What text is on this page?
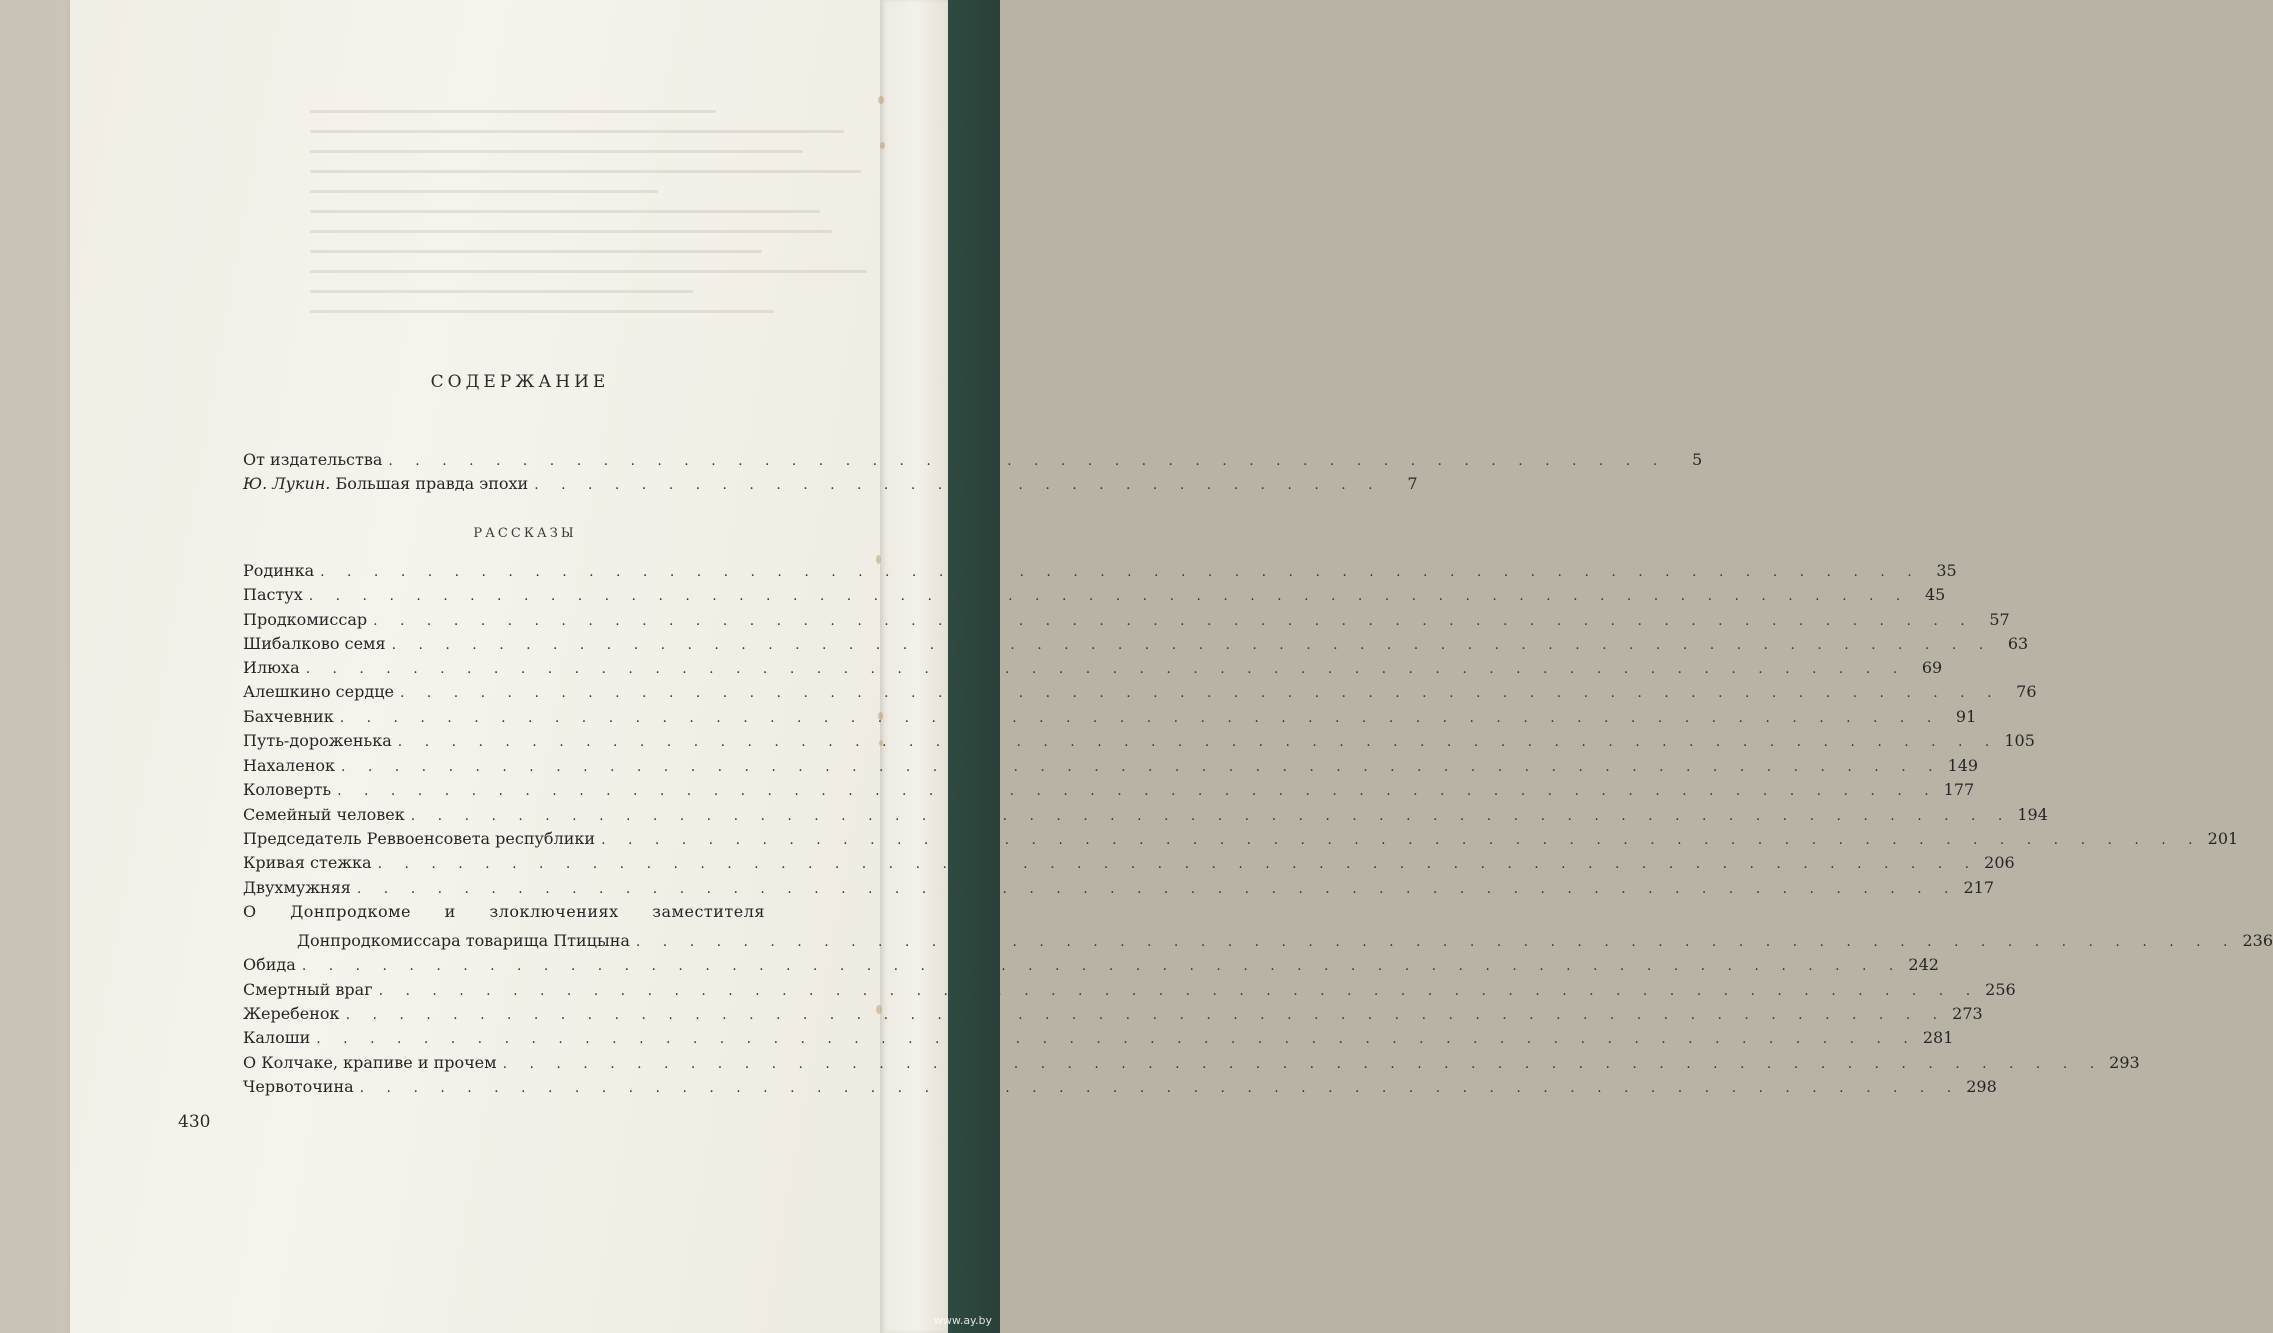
СОДЕРЖАНИЕ
От издательства . . . . . . . . . . . . . . . . . . . . . . . . . . . . . . . . . . . . . . . . . . . . . . . .	5
Ю. Лукин. Большая правда эпохи . . . . . . . . . . . . . . . . . . . . . . . . . . . . . . . .	7
РАССКАЗЫ
Родинка . . . . . . . . . . . . . . . . . . . . . . . . . . . . . . . . . . . . . . . . . . . . . . . . . . . . . . . . . . . . 35
Пастух . . . . . . . . . . . . . . . . . . . . . . . . . . . . . . . . . . . . . . . . . . . . . . . . . . . . . . . . . . . . 45
Продкомиссар . . . . . . . . . . . . . . . . . . . . . . . . . . . . . . . . . . . . . . . . . . . . . . . . . . . . . . . . . . . . 57
Шибалково семя . . . . . . . . . . . . . . . . . . . . . . . . . . . . . . . . . . . . . . . . . . . . . . . . . . . . . . . . . . . . 63
Илюха . . . . . . . . . . . . . . . . . . . . . . . . . . . . . . . . . . . . . . . . . . . . . . . . . . . . . . . . . . . . 69
Алешкино сердце . . . . . . . . . . . . . . . . . . . . . . . . . . . . . . . . . . . . . . . . . . . . . . . . . . . . . . . . . . . . 76
Бахчевник . . . . . . . . . . . . . . . . . . . . . . . . . . . . . . . . . . . . . . . . . . . . . . . . . . . . . . . . . . . . 91
Путь-дороженька . . . . . . . . . . . . . . . . . . . . . . . . . . . . . . . . . . . . . . . . . . . . . . . . . . . . . . . . . . . . 105
Нахаленок . . . . . . . . . . . . . . . . . . . . . . . . . . . . . . . . . . . . . . . . . . . . . . . . . . . . . . . . . . . . 149
Коловерть . . . . . . . . . . . . . . . . . . . . . . . . . . . . . . . . . . . . . . . . . . . . . . . . . . . . . . . . . . . . 177
Семейный человек . . . . . . . . . . . . . . . . . . . . . . . . . . . . . . . . . . . . . . . . . . . . . . . . . . . . . . . . . . . . 194
Председатель Реввоенсовета республики . . . . . . . . . . . . . . . . . . . . . . . . . . . . . . . . . . . . . . . . . . . . . . . . . . . . . . . . . . . . 201
Кривая стежка . . . . . . . . . . . . . . . . . . . . . . . . . . . . . . . . . . . . . . . . . . . . . . . . . . . . . . . . . . . . 206
Двухмужняя . . . . . . . . . . . . . . . . . . . . . . . . . . . . . . . . . . . . . . . . . . . . . . . . . . . . . . . . . . . . 217
О Донпродкоме и злоключениях заместителя
Донпродкомиссара товарища Птицына . . . . . . . . . . . . . . . . . . . . . . . . . . . . . . . . . . . . . . . . . . . . . . . . . . . . . . . . . . . . 236
Обида . . . . . . . . . . . . . . . . . . . . . . . . . . . . . . . . . . . . . . . . . . . . . . . . . . . . . . . . . . . . 242
Смертный враг . . . . . . . . . . . . . . . . . . . . . . . . . . . . . . . . . . . . . . . . . . . . . . . . . . . . . . . . . . . . 256
Жеребенок . . . . . . . . . . . . . . . . . . . . . . . . . . . . . . . . . . . . . . . . . . . . . . . . . . . . . . . . . . . . 273
Калоши . . . . . . . . . . . . . . . . . . . . . . . . . . . . . . . . . . . . . . . . . . . . . . . . . . . . . . . . . . . . 281
О Колчаке, крапиве и прочем . . . . . . . . . . . . . . . . . . . . . . . . . . . . . . . . . . . . . . . . . . . . . . . . . . . . . . . . . . . . 293
Червоточина . . . . . . . . . . . . . . . . . . . . . . . . . . . . . . . . . . . . . . . . . . . . . . . . . . . . . . . . . . . . 298
430
www.ay.by
